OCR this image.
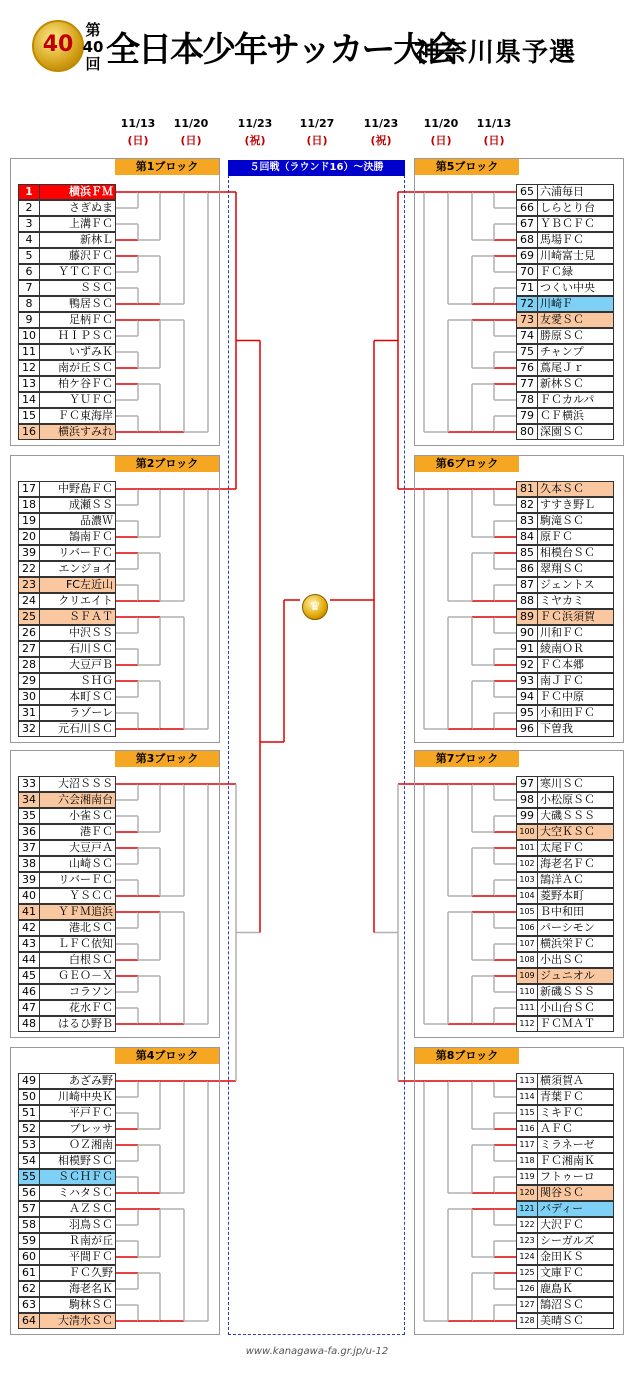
40
第
40
回 全日本少年サッカー大会
神奈川県予選
11/13
(日)
11/20
(日)
11/23
(祝)
11/27
(日)
11/23
(祝)
11/20
(日)
11/13
(日)
５回戦（ラウンド16）～決勝
第1ブロック
1	横浜ＦＭ
2	さぎぬま
3	上溝ＦＣ
4	新林Ｌ
5	藤沢ＦＣ
6	ＹＴＣＦＣ
7	ＳＳＣ
8	鴨居ＳＣ
9	足柄ＦＣ
10	ＨＩＰＳＣ
11	いずみＫ
12	南が丘ＳＣ
13	柏ケ谷ＦＣ
14	ＹＵＦＣ
15	ＦＣ東海岸
16	横浜すみれ
第2ブロック
17	中野島ＦＣ
18	成瀬ＳＳ
19	品濃Ｗ
20	鵠南ＦＣ
39	リバーＦＣ
22	エンジョイ
23	FC左近山
24	クリエイト
25	ＳＦＡＴ
26	中沢ＳＳ
27	石川ＳＣ
28	大豆戸Ｂ
29	ＳＨＧ
30	本町ＳＣ
31	ラゾーレ
32	元石川ＳＣ
第3ブロック
33	大沼ＳＳＳ
34	六会湘南台
35	小雀ＳＣ
36	港ＦＣ
37	大豆戸Ａ
38	山崎ＳＣ
39	リバーＦＣ
40	ＹＳＣＣ
41	ＹＦＭ追浜
42	港北ＳＣ
43	ＬＦＣ依知
44	白根ＳＣ
45	ＧＥＯ－Ｘ
46	コラソン
47	花水ＦＣ
48	はるひ野Ｂ
第4ブロック
49	あざみ野
50	川崎中央Ｋ
51	平戸ＦＣ
52	ブレッサ
53	ＯＺ湘南
54	相模野ＳＣ
55	ＳＣＨＦＣ
56	ミハタＳＣ
57	ＡＺＳＣ
58	羽鳥ＳＣ
59	Ｒ南が丘
60	平間ＦＣ
61	ＦＣ久野
62	海老名Ｋ
63	駒林ＳＣ
64	大清水ＳＣ
第5ブロック
65 六浦毎日
66 しらとり台
67 ＹＢＣＦＣ
68 馬場ＦＣ
69 川崎富士見
70 ＦＣ緑
71 つくい中央
72 川崎Ｆ
73 友愛ＳＣ
74 勝原ＳＣ
75 チャンプ
76 蔦尾Ｊｒ
77 新林ＳＣ
78 ＦＣカルパ
79 ＣＦ横浜
80 深園ＳＣ
第6ブロック
81 久本ＳＣ
82 すすき野Ｌ
83 駒滝ＳＣ
84 原ＦＣ
85 相模台ＳＣ
86 翠翔ＳＣ
87 ジェントス
88 ミヤカミ
89 ＦＣ浜須賀
90 川和ＦＣ
91 綾南ＯＲ
92 ＦＣ本郷
93 南ＪＦＣ
94 ＦＣ中原
95 小和田ＦＣ
96 下曽我
第7ブロック
97 寒川ＳＣ
98 小松原ＳＣ
99 大磯ＳＳＳ
100 大空ＫＳＣ
101 太尾ＦＣ
102 海老名ＦＣ
103 鵠洋ＡＣ
104 菱野本町
105 Ｂ中和田
106 パーシモン
107 横浜栄ＦＣ
108 小出ＳＣ
109 ジュニオル
110 新磯ＳＳＳ
111 小山台ＳＣ
112 ＦＣＭＡＴ
第8ブロック
113 横須賀Ａ
114 青葉ＦＣ
115 ミキＦＣ
116 ＡＦＣ
117 ミラネーゼ
118 ＦＣ湘南Ｋ
119 フトゥーロ
120 関谷ＳＣ
121 バディー
122 大沢ＦＣ
123 シーガルズ
124 金田ＫＳ
125 文庫ＦＣ
126 鹿島Ｋ
127 鵠沼ＳＣ
128 美晴ＳＣ
♛
www.kanagawa-fa.gr.jp/u-12
